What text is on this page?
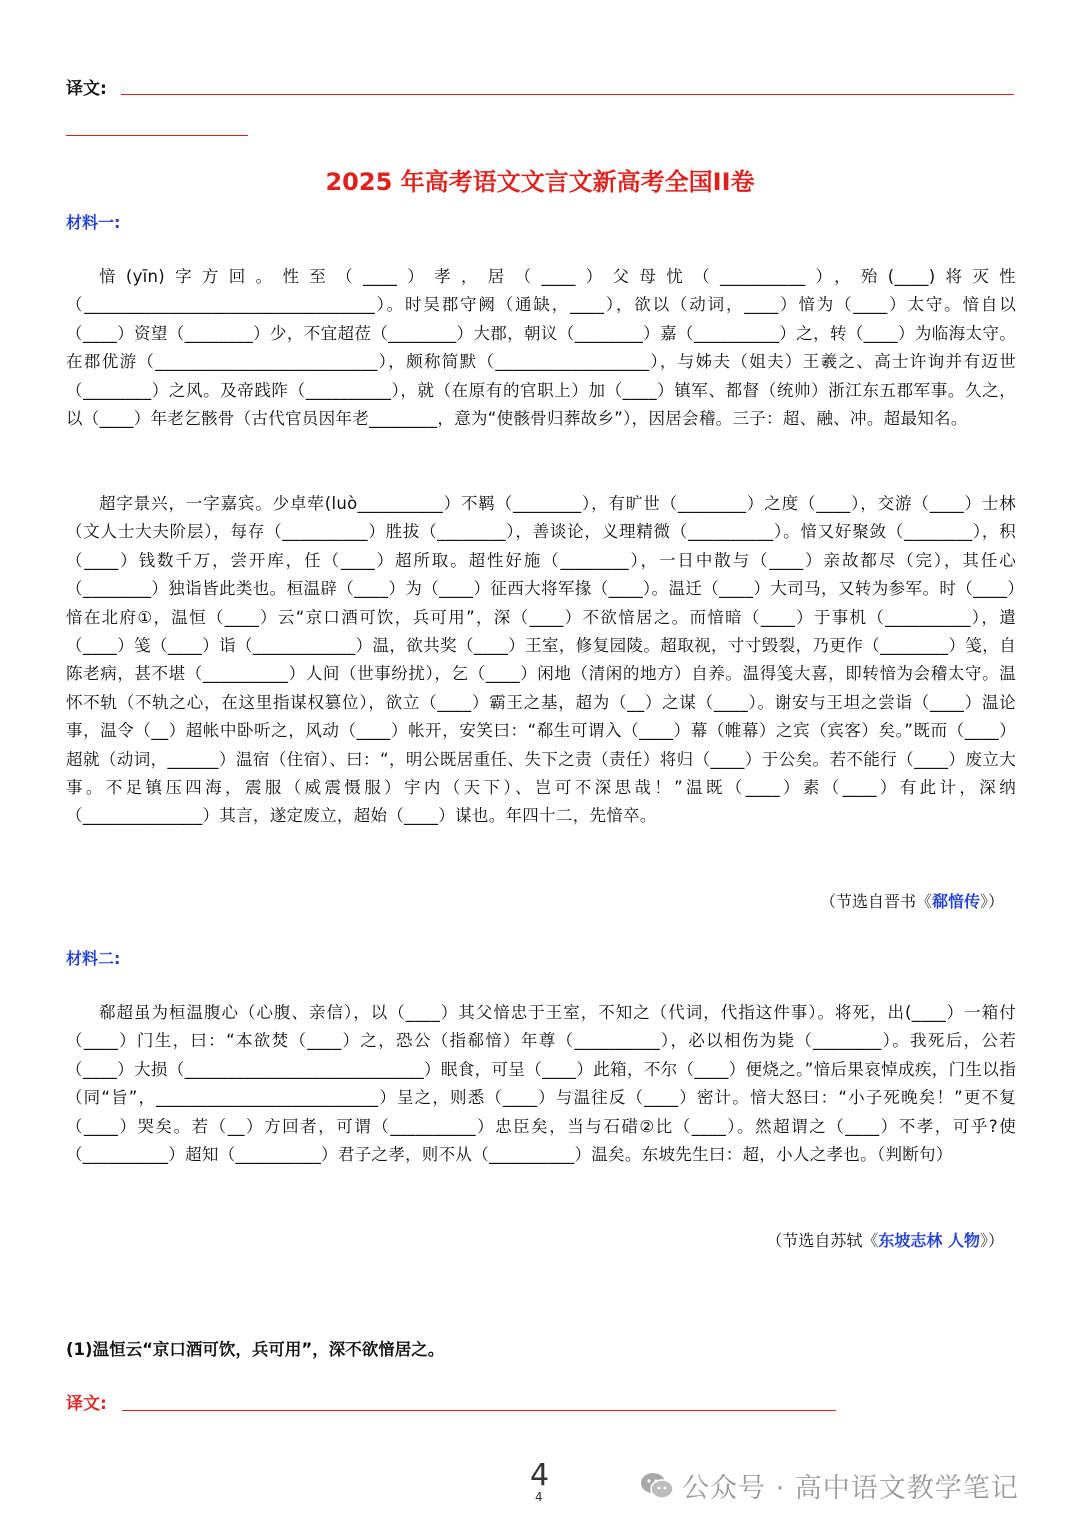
译文:
2025 年高考语文文言文新高考全国II卷
材料一:

愔(yīn)字方回。性至（____）孝，居（____）父母忧（__________），殆(____)将灭性（__________________________________）。时吴郡守阙（通缺，____），欲以（动词，____）愔为（____）太守。愔自以（____）资望（________）少，不宜超莅（________）大郡，朝议（________）嘉（__________）之，转（____）为临海太守。在郡优游（__________________________），颇称简默（__________________），与姊夫（姐夫）王羲之、高士许询并有迈世（________）之风。及帝践阼（__________），就（在原有的官职上）加（____）镇军、都督（统帅）浙江东五郡军事。久之，以（____）年老乞骸骨（古代官员因年老________，意为“使骸骨归葬故乡”），因居会稽。三子：超、融、冲。超最知名。

超字景兴，一字嘉宾。少卓荦(luò__________）不羁（________），有旷世（________）之度（____），交游（____）士林（文人士大夫阶层），每存（__________）胜拔（________），善谈论，义理精微（__________）。愔又好聚敛（________），积（____）钱数千万，尝开库，任（____）超所取。超性好施（________），一日中散与（____）亲故都尽（完），其任心（________）独诣皆此类也。桓温辟（____）为（____）征西大将军掾（____）。温迁（____）大司马，又转为参军。时（____）愔在北府①，温恒（____）云“京口酒可饮，兵可用”，深（____）不欲愔居之。而愔暗（____）于事机（__________），遣（____）笺（____）诣（____________）温，欲共奖（____）王室，修复园陵。超取视，寸寸毁裂，乃更作（________）笺，自陈老病，甚不堪（__________）人间（世事纷扰），乞（____）闲地（清闲的地方）自养。温得笺大喜，即转愔为会稽太守。温怀不轨（不轨之心，在这里指谋权篡位），欲立（____）霸王之基，超为（__）之谋（____）。谢安与王坦之尝诣（____）温论事，温令（__）超帐中卧听之，风动（____）帐开，安笑曰：“郗生可谓入（____）幕（帷幕）之宾（宾客）矣。”既而（____）超就（动词，______）温宿（住宿）、曰：“，明公既居重任、失下之责（责任）将归（____）于公矣。若不能行（____）废立大事。不足镇压四海，震服（威震慑服）宇内（天下）、岂可不深思哉！”温既（____）素（____）有此计，深纳（______________）其言，遂定废立，超始（____）谋也。年四十二，先愔卒。

（节选自晋书《郗愔传》）
材料二:

郗超虽为桓温腹心（心腹、亲信），以（____）其父愔忠于王室，不知之（代词，代指这件事）。将死，出(____）一箱付（____）门生，曰：“本欲焚（____）之，恐公（指郗愔）年尊（__________），必以相伤为毙（________）。我死后，公若（____）大损（____________________________）眠食，可呈（____）此箱，不尔（____）便烧之。”愔后果哀悼成疾，门生以指（同“旨”，__________________________）呈之，则悉（____）与温往反（____）密计。愔大怒曰：“小子死晚矣！”更不复（____）哭矣。若（__）方回者，可谓（__________）忠臣矣，当与石碏②比（____）。然超谓之（____）不孝，可乎?使（__________）超知（__________）君子之孝，则不从（__________）温矣。东坡先生曰：超，小人之孝也。（判断句）

（节选自苏轼《东坡志林 人物》）
(1)温恒云“京口酒可饮，兵可用”，深不欲愔居之。
译文:
4
4	公众号 · 高中语文教学笔记
